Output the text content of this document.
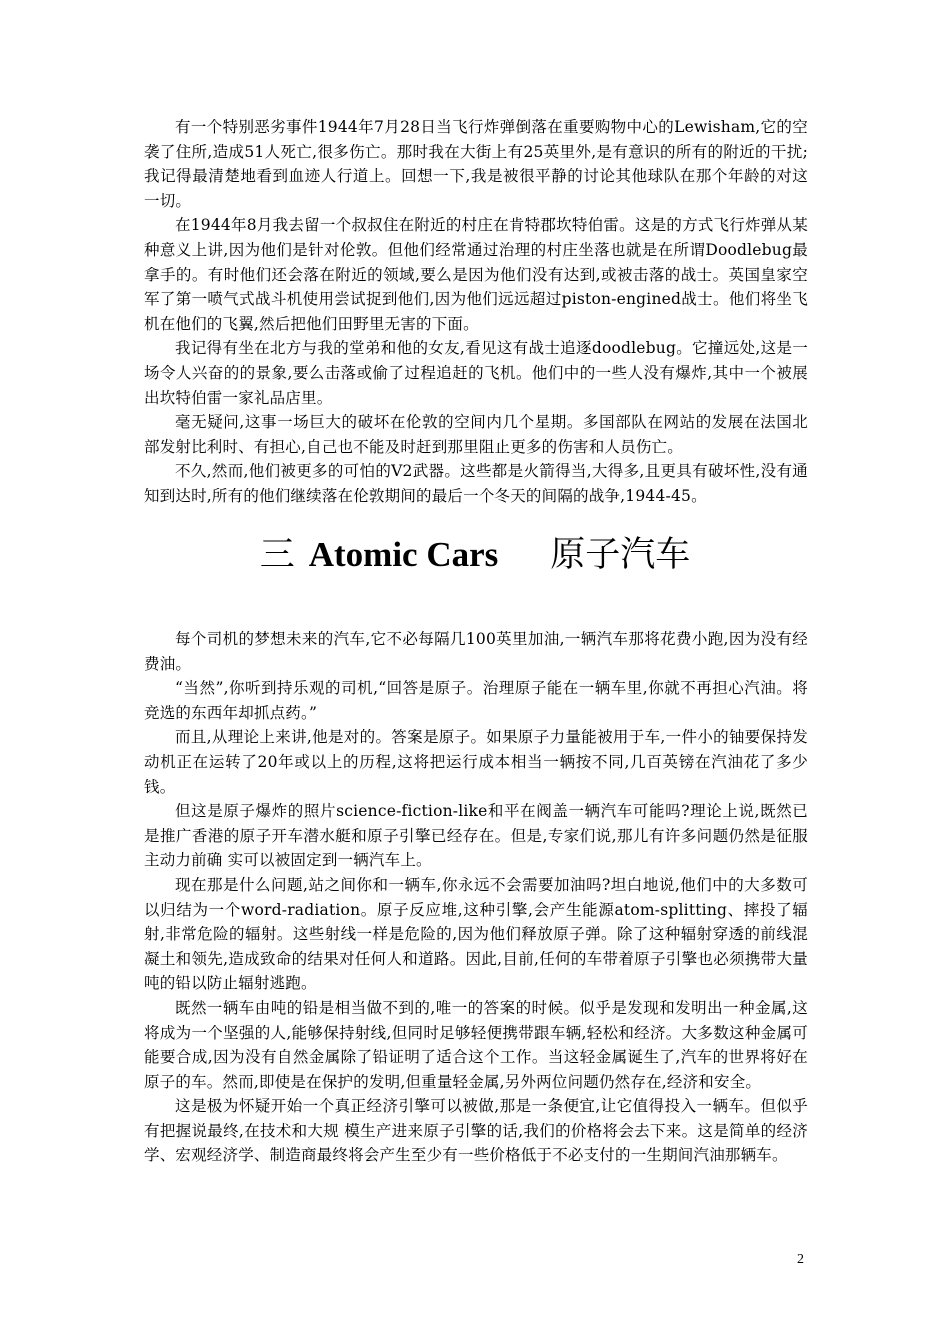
有一个特别恶劣事件1944年7月28日当飞行炸弹倒落在重要购物中心的Lewisham,它的空袭了住所,造成51人死亡,很多伤亡。那时我在大街上有25英里外,是有意识的所有的附近的干扰;我记得最清楚地看到血迹人行道上。回想一下,我是被很平静的讨论其他球队在那个年龄的对这一切。

在1944年8月我去留一个叔叔住在附近的村庄在肯特郡坎特伯雷。这是的方式飞行炸弹从某种意义上讲,因为他们是针对伦敦。但他们经常通过治理的村庄坐落也就是在所谓Doodlebug最拿手的。有时他们还会落在附近的领域,要么是因为他们没有达到,或被击落的战士。英国皇家空军了第一喷气式战斗机使用尝试捉到他们,因为他们远远超过piston-engined战士。他们将坐飞机在他们的飞翼,然后把他们田野里无害的下面。

我记得有坐在北方与我的堂弟和他的女友,看见这有战士追逐doodlebug。它撞远处,这是一场令人兴奋的的景象,要么击落或偷了过程追赶的飞机。他们中的一些人没有爆炸,其中一个被展出坎特伯雷一家礼品店里。

毫无疑问,这事一场巨大的破坏在伦敦的空间内几个星期。多国部队在网站的发展在法国北部发射比利时、有担心,自己也不能及时赶到那里阻止更多的伤害和人员伤亡。

不久,然而,他们被更多的可怕的V2武器。这些都是火箭得当,大得多,且更具有破坏性,没有通知到达时,所有的他们继续落在伦敦期间的最后一个冬天的间隔的战争,1944-45。

三 Atomic Cars 原子汽车

每个司机的梦想未来的汽车,它不必每隔几100英里加油,一辆汽车那将花费小跑,因为没有经费油。

“当然”,你听到持乐观的司机,“回答是原子。治理原子能在一辆车里,你就不再担心汽油。将竞选的东西年却抓点药。”

而且,从理论上来讲,他是对的。答案是原子。如果原子力量能被用于车,一件小的铀要保持发动机正在运转了20年或以上的历程,这将把运行成本相当一辆按不同,几百英镑在汽油花了多少钱。

但这是原子爆炸的照片science-fiction-like和平在阀盖一辆汽车可能吗?理论上说,既然已是推广香港的原子开车潜水艇和原子引擎已经存在。但是,专家们说,那儿有许多问题仍然是征服主动力前确 实可以被固定到一辆汽车上。

现在那是什么问题,站之间你和一辆车,你永远不会需要加油吗?坦白地说,他们中的大多数可以归结为一个word-radiation。原子反应堆,这种引擎,会产生能源atom-splitting、摔投了辐射,非常危险的辐射。这些射线一样是危险的,因为他们释放原子弹。除了这种辐射穿透的前线混凝土和领先,造成致命的结果对任何人和道路。因此,目前,任何的车带着原子引擎也必须携带大量吨的铅以防止辐射逃跑。

既然一辆车由吨的铅是相当做不到的,唯一的答案的时候。似乎是发现和发明出一种金属,这将成为一个坚强的人,能够保持射线,但同时足够轻便携带跟车辆,轻松和经济。大多数这种金属可能要合成,因为没有自然金属除了铅证明了适合这个工作。当这轻金属诞生了,汽车的世界将好在原子的车。然而,即使是在保护的发明,但重量轻金属,另外两位问题仍然存在,经济和安全。

这是极为怀疑开始一个真正经济引擎可以被做,那是一条便宜,让它值得投入一辆车。但似乎有把握说最终,在技术和大规 模生产进来原子引擎的话,我们的价格将会去下来。这是简单的经济学、宏观经济学、制造商最终将会产生至少有一些价格低于不必支付的一生期间汽油那辆车。

2
